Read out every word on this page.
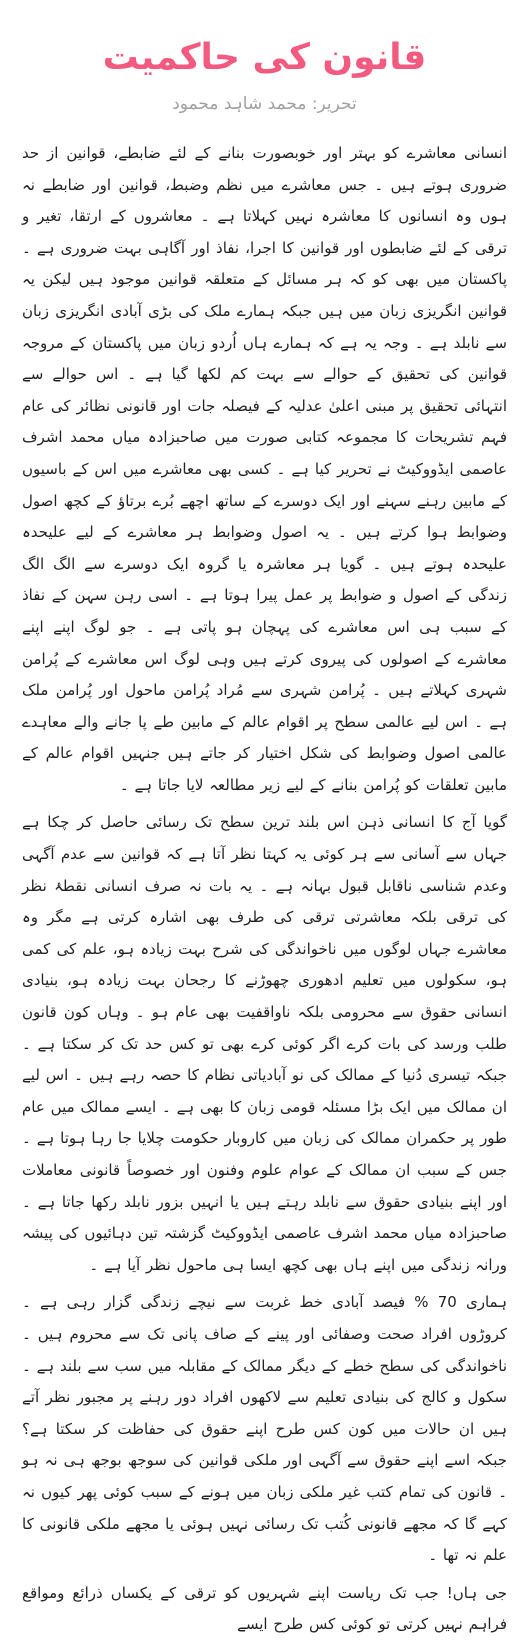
قانون کی حاکمیت
تحریر: محمد شاہد محمود

انسانی معاشرے کو بہتر اور خوبصورت بنانے کے لئے ضابطے، قوانین از حد ضروری ہوتے ہیں ۔ جس معاشرے میں نظم وضبط، قوانین اور ضابطے نہ ہوں وہ انسانوں کا معاشرہ نہیں کہلاتا ہے ۔ معاشروں کے ارتقا، تغیر و ترقی کے لئے ضابطوں اور قوانین کا اجرا، نفاذ اور آگاہی بہت ضروری ہے ۔ پاکستان میں بھی کو کہ ہر مسائل کے متعلقہ قوانین موجود ہیں لیکن یہ قوانین انگریزی زبان میں ہیں جبکہ ہمارے ملک کی بڑی آبادی انگریزی زبان سے نابلد ہے ۔ وجہ یہ ہے کہ ہمارے ہاں اُردو زبان میں پاکستان کے مروجہ قوانین کی تحقیق کے حوالے سے بہت کم لکھا گیا ہے ۔ اس حوالے سے انتہائی تحقیق پر مبنی اعلیٰ عدلیہ کے فیصلہ جات اور قانونی نظائر کی عام فہم تشریحات کا مجموعہ کتابی صورت میں صاحبزادہ میاں محمد اشرف عاصمی ایڈووکیٹ نے تحریر کیا ہے ۔ کسی بھی معاشرے میں اس کے باسیوں کے مابین رہنے سہنے اور ایک دوسرے کے ساتھ اچھے بُرے برتاؤ کے کچھ اصول وضوابط ہوا کرتے ہیں ۔ یہ اصول وضوابط ہر معاشرے کے لیے علیحدہ علیحدہ ہوتے ہیں ۔ گویا ہر معاشرہ یا گروہ ایک دوسرے سے الگ الگ زندگی کے اصول و ضوابط پر عمل پیرا ہوتا ہے ۔ اسی رہن سہن کے نفاذ کے سبب ہی اس معاشرے کی پہچان ہو پاتی ہے ۔ جو لوگ اپنے اپنے معاشرے کے اصولوں کی پیروی کرتے ہیں وہی لوگ اس معاشرے کے پُرامن شہری کہلاتے ہیں ۔ پُرامن شہری سے مُراد پُرامن ماحول اور پُرامن ملک ہے ۔ اس لیے عالمی سطح پر اقوام عالم کے مابین طے پا جانے والے معاہدے عالمی اصول وضوابط کی شکل اختیار کر جاتے ہیں جنہیں اقوام عالم کے مابین تعلقات کو پُرامن بنانے کے لیے زیر مطالعہ لایا جاتا ہے ۔

گویا آج کا انسانی ذہن اس بلند ترین سطح تک رسائی حاصل کر چکا ہے جہاں سے آسانی سے ہر کوئی یہ کہتا نظر آتا ہے کہ قوانین سے عدم آگہی وعدم شناسی ناقابل قبول بہانہ ہے ۔ یہ بات نہ صرف انسانی نقطۂ نظر کی ترقی بلکہ معاشرتی ترقی کی طرف بھی اشارہ کرتی ہے مگر وہ معاشرے جہاں لوگوں میں ناخواندگی کی شرح بہت زیادہ ہو، علم کی کمی ہو، سکولوں میں تعلیم ادھوری چھوڑنے کا رجحان بہت زیادہ ہو، بنیادی انسانی حقوق سے محرومی بلکہ ناواقفیت بھی عام ہو ۔ وہاں کون قانون طلب ورسد کی بات کرے اگر کوئی کرے بھی تو کس حد تک کر سکتا ہے ۔ جبکہ تیسری دُنیا کے ممالک کی نو آبادیاتی نظام کا حصہ رہے ہیں ۔ اس لیے ان ممالک میں ایک بڑا مسئلہ قومی زبان کا بھی ہے ۔ ایسے ممالک میں عام طور پر حکمران ممالک کی زبان میں کاروبار حکومت چلایا جا رہا ہوتا ہے ۔ جس کے سبب ان ممالک کے عوام علوم وفنون اور خصوصاً قانونی معاملات اور اپنے بنیادی حقوق سے نابلد رہتے ہیں یا انہیں بزور نابلد رکھا جاتا ہے ۔ صاحبزادہ میاں محمد اشرف عاصمی ایڈووکیٹ گزشتہ تین دہائیوں کی پیشہ ورانہ زندگی میں اپنے ہاں بھی کچھ ایسا ہی ماحول نظر آیا ہے ۔

ہماری 70 % فیصد آبادی خط غربت سے نیچے زندگی گزار رہی ہے ۔ کروڑوں افراد صحت وصفائی اور پینے کے صاف پانی تک سے محروم ہیں ۔ ناخواندگی کی سطح خطے کے دیگر ممالک کے مقابلہ میں سب سے بلند ہے ۔ سکول و کالج کی بنیادی تعلیم سے لاکھوں افراد دور رہنے پر مجبور نظر آتے ہیں ان حالات میں کون کس طرح اپنے حقوق کی حفاظت کر سکتا ہے؟ جبکہ اسے اپنے حقوق سے آگہی اور ملکی قوانین کی سوجھ بوجھ ہی نہ ہو ۔ قانون کی تمام کتب غیر ملکی زبان میں ہونے کے سبب کوئی پھر کیوں نہ کہے گا کہ مجھے قانونی کُتب تک رسائی نہیں ہوئی یا مجھے ملکی قانونی کا علم نہ تھا ۔

جی ہاں! جب تک ریاست اپنے شہریوں کو ترقی کے یکساں ذرائع ومواقع فراہم نہیں کرتی تو کوئی کس طرح ایسے
